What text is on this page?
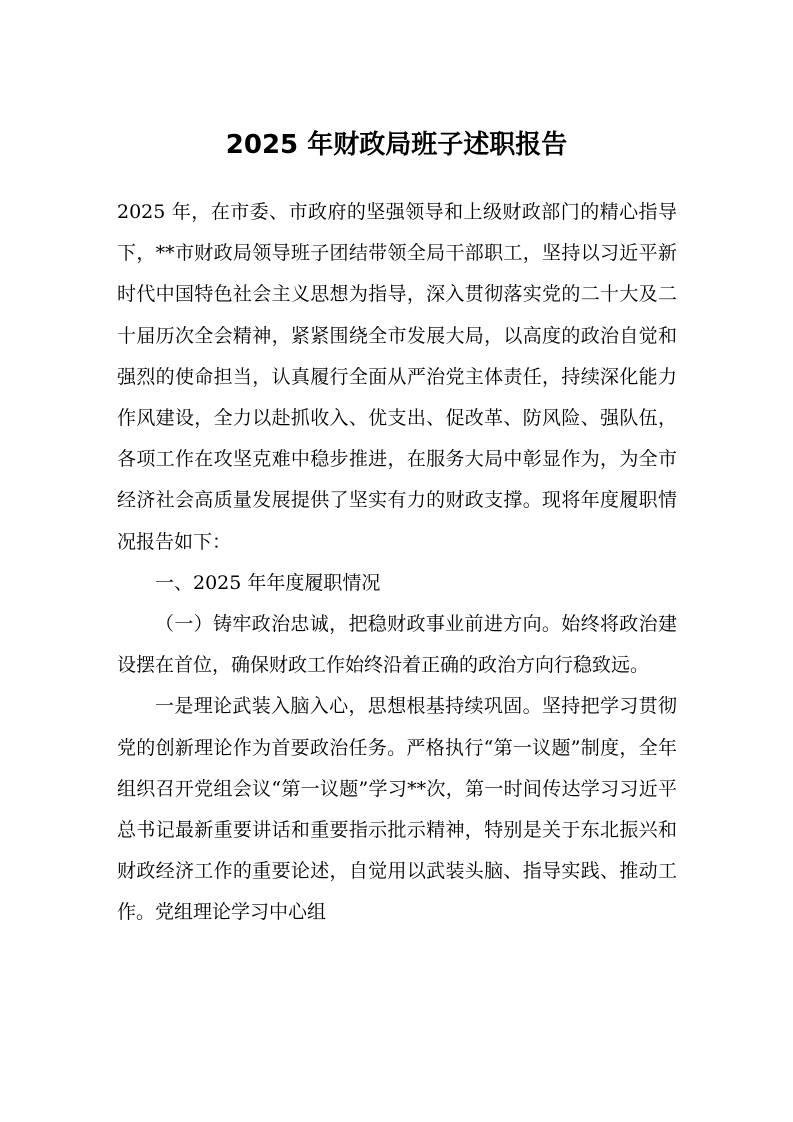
2025 年财政局班子述职报告

2025 年，在市委、市政府的坚强领导和上级财政部门的精心指导下，**市财政局领导班子团结带领全局干部职工，坚持以习近平新时代中国特色社会主义思想为指导，深入贯彻落实党的二十大及二十届历次全会精神，紧紧围绕全市发展大局，以高度的政治自觉和强烈的使命担当，认真履行全面从严治党主体责任，持续深化能力作风建设，全力以赴抓收入、优支出、促改革、防风险、强队伍，各项工作在攻坚克难中稳步推进，在服务大局中彰显作为，为全市经济社会高质量发展提供了坚实有力的财政支撑。现将年度履职情况报告如下：

一、2025 年年度履职情况

（一）铸牢政治忠诚，把稳财政事业前进方向。始终将政治建设摆在首位，确保财政工作始终沿着正确的政治方向行稳致远。

一是理论武装入脑入心，思想根基持续巩固。坚持把学习贯彻党的创新理论作为首要政治任务。严格执行“第一议题”制度，全年组织召开党组会议“第一议题”学习**次，第一时间传达学习习近平总书记最新重要讲话和重要指示批示精神，特别是关于东北振兴和财政经济工作的重要论述，自觉用以武装头脑、指导实践、推动工作。党组理论学习中心组
